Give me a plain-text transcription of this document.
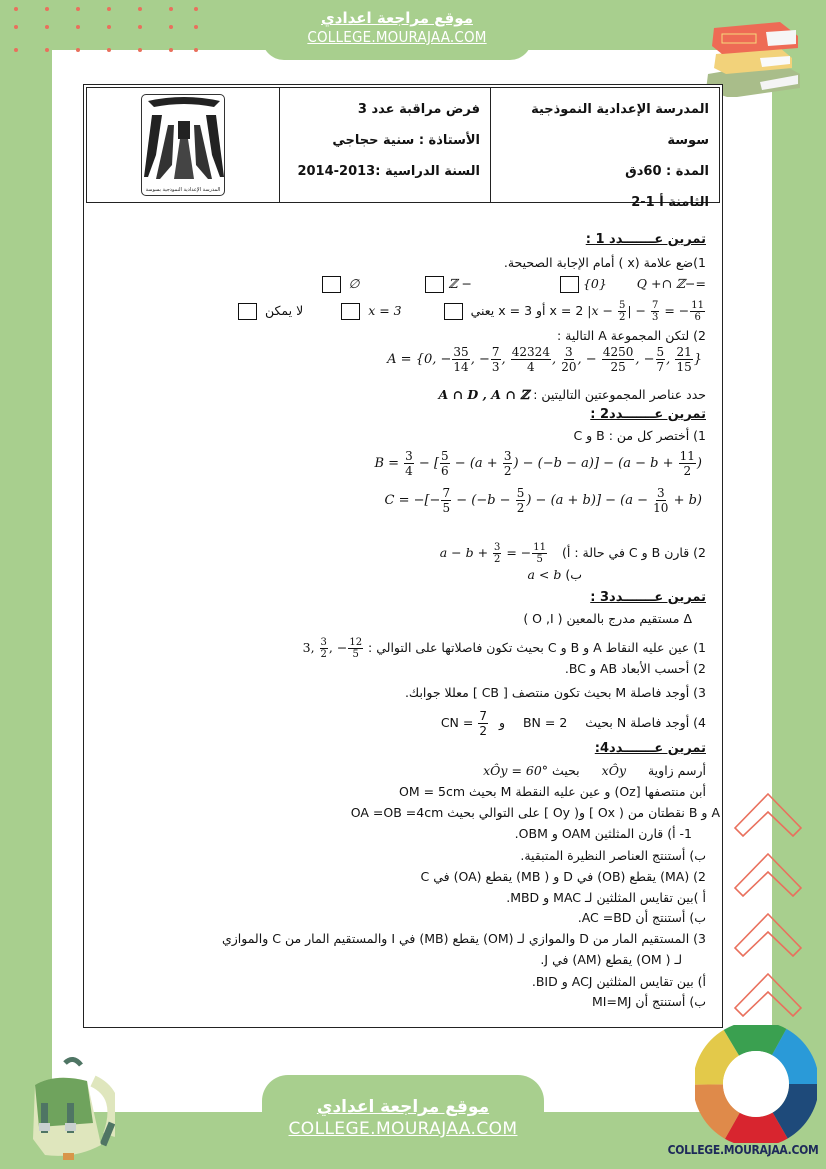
موقع مراجعة اعدادي
COLLEGE.MOURAJAA.COM
المدرسة الإعدادية النموذجية بسوسة
فرض مراقبة عدد 3
الأستاذة : سنية حجاجي
السنة الدراسية :2013-2014
المدرسة الإعدادية النموذجية سوسة
المدة : 60دق
الثامنة أ 1-2
تمرين عـــــــدد 1 :
1)ضع علامة (x ) أمام الإجابة الصحيحة.
∅	ℤ −	{0} Q +∩ ℤ−=
لا يمكن	x = 3	x = 2 أو x = 3 يعني	$|x - \frac{5}{2}$ | − $\frac{7}{3}$ = − $\frac{11}{6}$
2) لتكن المجموعة A التالية :
A = {0, − $\frac{35}{14}$ , − $\frac{7}{3}$ , $\frac{42324}{4}$ , $\frac{3}{20}$ , − $\frac{4250}{25}$ , − $\frac{5}{7}$ , $\frac{21}{15}$ }
حدد عناصر المجموعتين التاليتين : A ∩ D , A ∩ ℤ
تمرين عـــــــدد2 :
1) أختصر كل من : B و C
$B = \frac{3}{4}$ − [ $\frac{5}{6} - (a + \frac{3}{2}$ ) − $(-b - a)] - (a - b + \frac{11}{2}$ )
C = −[− $\frac{7}{5} - (-b - \frac{5}{2}$ ) − $(a + b)] - (a - \frac{3}{10} + b)$
2) قارن B و C في حالة : أ) $a - b + \frac{3}{2}$ = − $\frac{11}{5}$
ب) a < b
تمرين عـــــــدد3 :
Δ مستقيم مدرج بالمعين ( O ,I )
1) عين عليه النقاط A و B و C بحيث تكون فاصلاتها على التوالي : 3, $\frac{3}{2}$ , − $\frac{12}{5}$
2) أحسب الأبعاد AB و BC.
3) أوجد فاصلة M بحيث تكون منتصف [ CB ] معللا جوابك.
4) أوجد فاصلة N بحيث BN = 2 و CN = $\frac{7}{2}$
تمرين عـــــــدد4:
أرسم زاوية xÔy بحيث xÔy = 60°
أبن منتصفها [Oz) و عين عليه النقطة M بحيث OM = 5cm
A و B نقطتان من ( Ox ] و( Oy ] على التوالي بحيث OA =OB =4cm
1- أ) قارن المثلثين OAM و OBM.
ب) أستنتج العناصر النظيرة المتبقية.
2) (MA) يقطع (OB) في D و ( MB) يقطع (OA) في C
أ )بين تقايس المثلثين لـ MAC و MBD.
ب) أستنتج أن AC =BD.
3) المستقيم المار من D والموازي لـ (OM) يقطع (MB) في I والمستقيم المار من C والموازي
لـ ( OM) يقطع (AM) في J.
أ) بين تقايس المثلثين ACJ و BID.
ب) أستنتج أن MI=MJ
موقع مراجعة اعدادي
COLLEGE.MOURAJAA.COM
COLLEGE.MOURAJAA.COM
